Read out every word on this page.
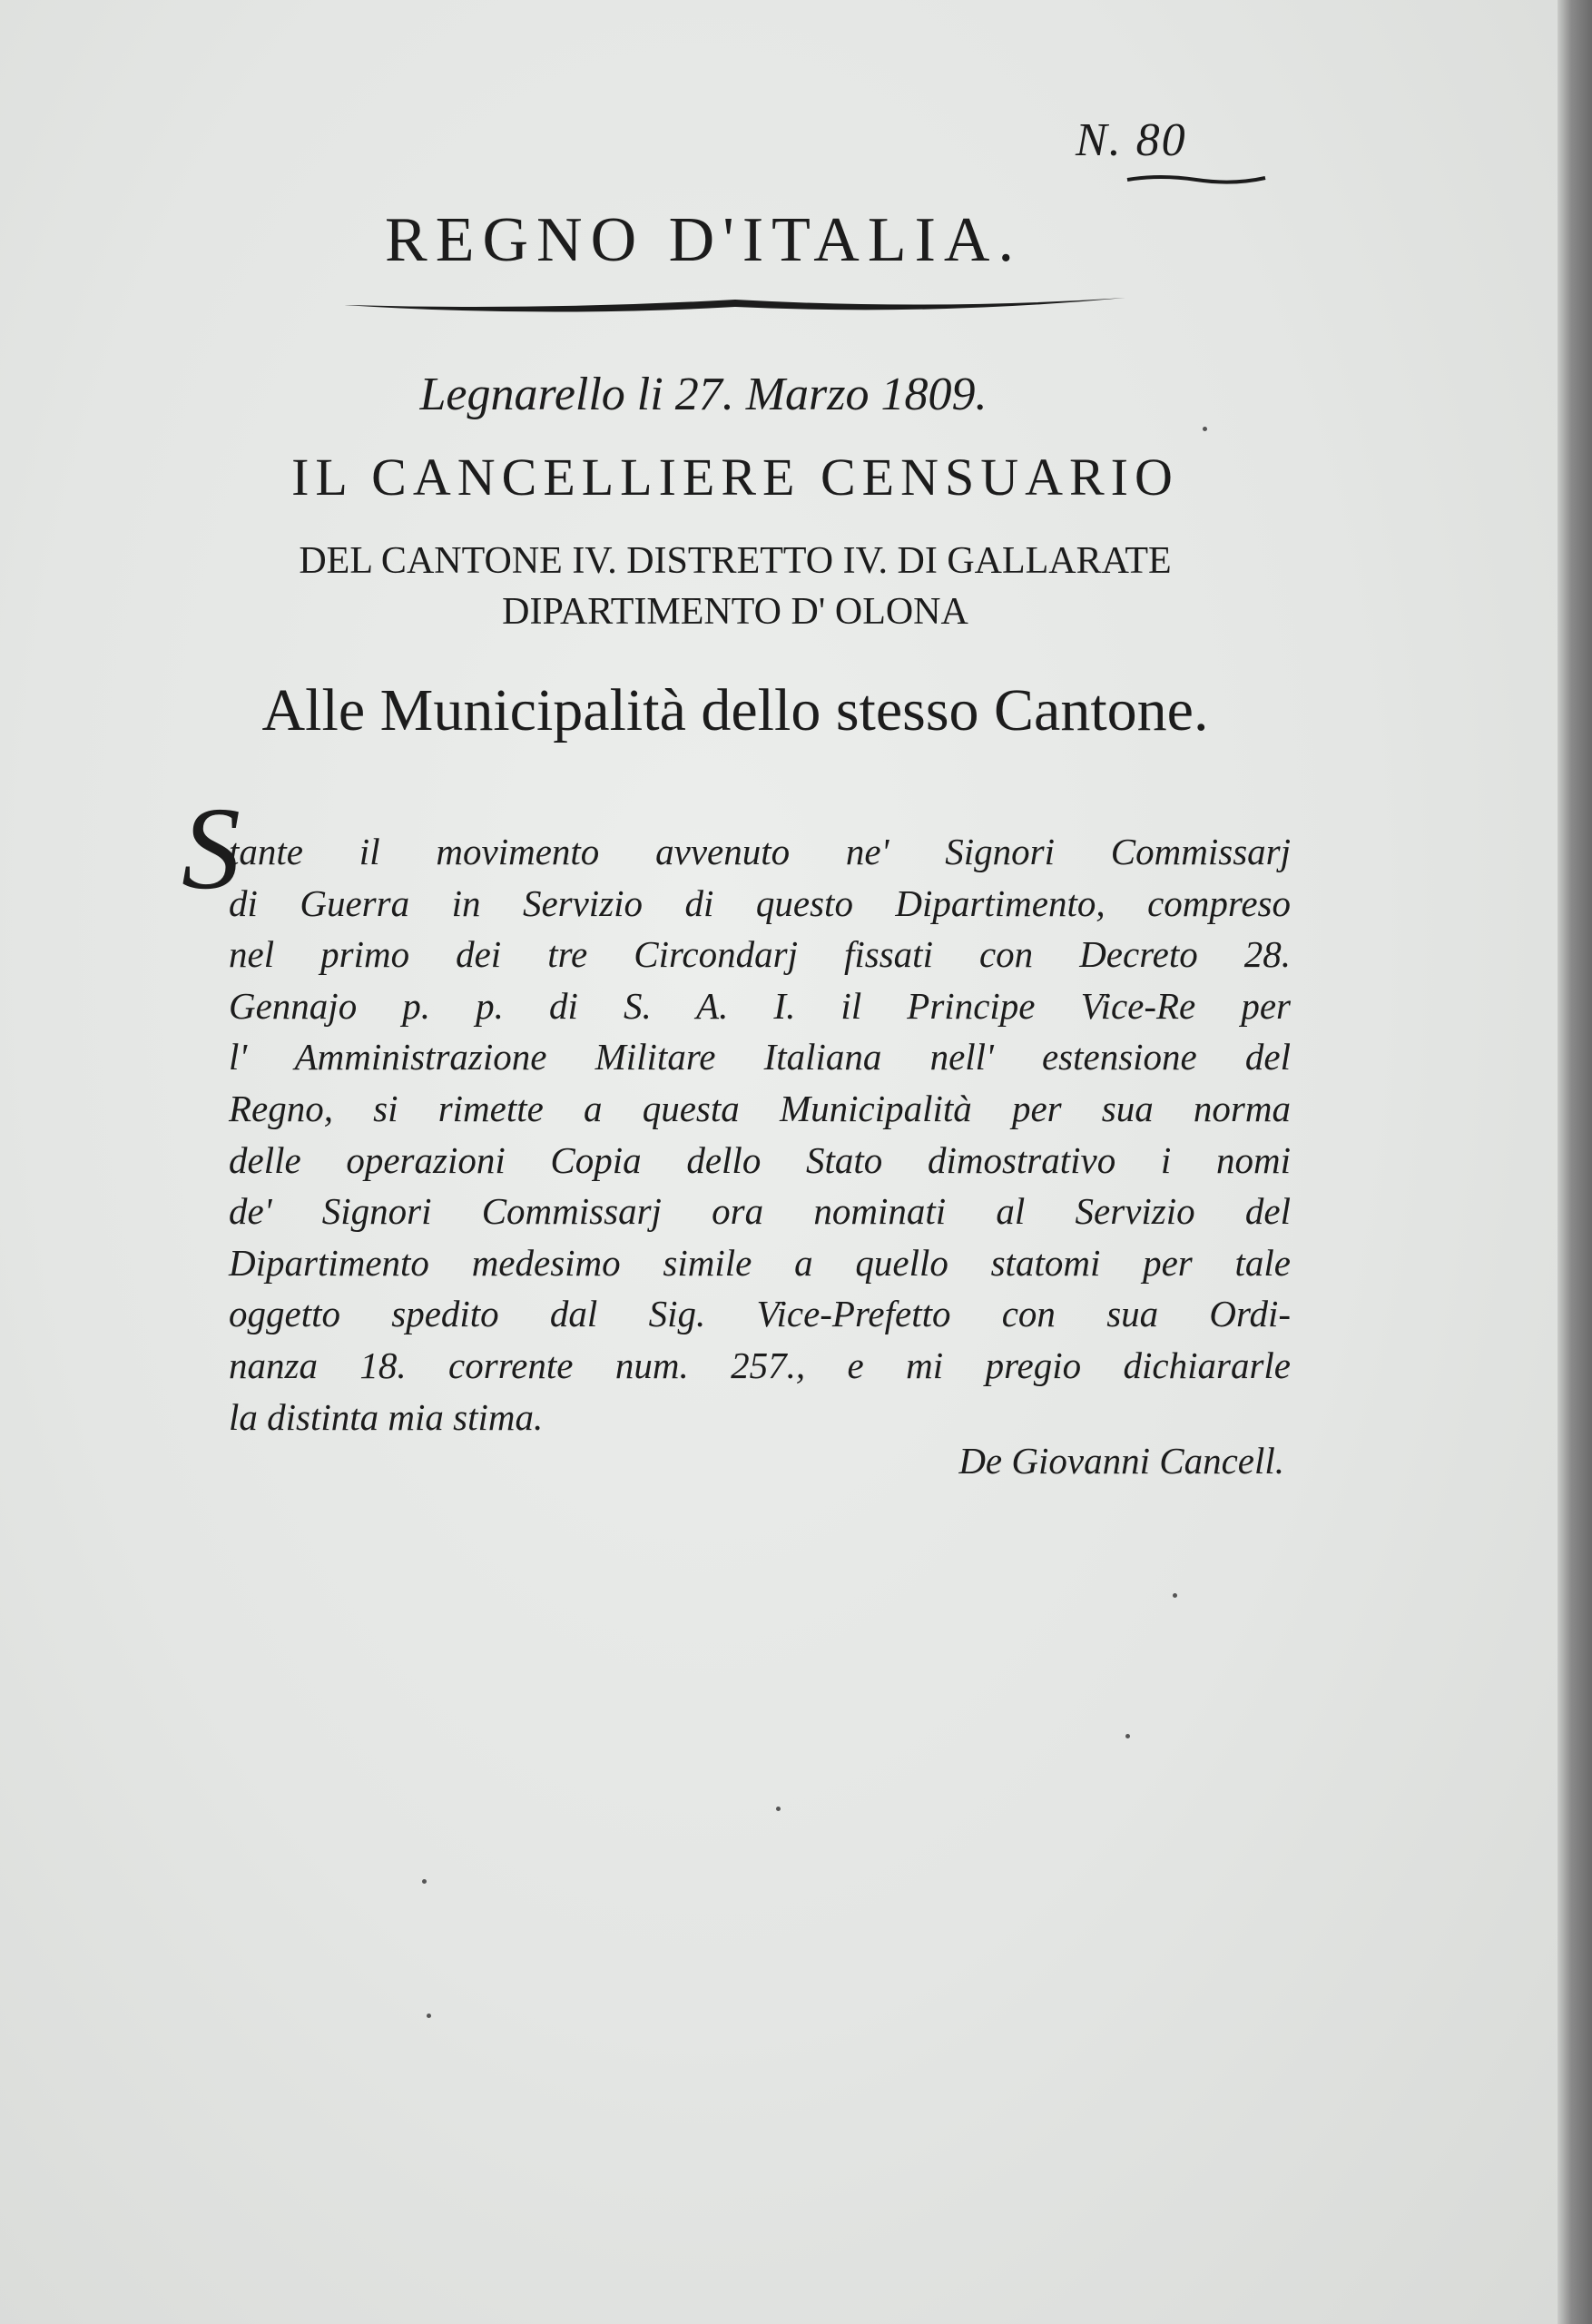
N. 80
REGNO D'ITALIA.
Legnarello li 27. Marzo 1809.
IL CANCELLIERE CENSUARIO
DEL CANTONE IV. DISTRETTO IV. DI GALLARATE
DIPARTIMENTO D' OLONA
Alle Municipalità dello stesso Cantone.
S
tante il movimento avvenuto ne' Signori Commissarj
di Guerra in Servizio di questo Dipartimento, compreso
nel primo dei tre Circondarj fissati con Decreto 28.
Gennajo p. p. di S. A. I. il Principe Vice-Re per
l' Amministrazione Militare Italiana nell' estensione del
Regno, si rimette a questa Municipalità per sua norma
delle operazioni Copia dello Stato dimostrativo i nomi
de' Signori Commissarj ora nominati al Servizio del
Dipartimento medesimo simile a quello statomi per tale
oggetto spedito dal Sig. Vice-Prefetto con sua Ordi-
nanza 18. corrente num. 257., e mi pregio dichiararle
la distinta mia stima.
De Giovanni Cancell.
